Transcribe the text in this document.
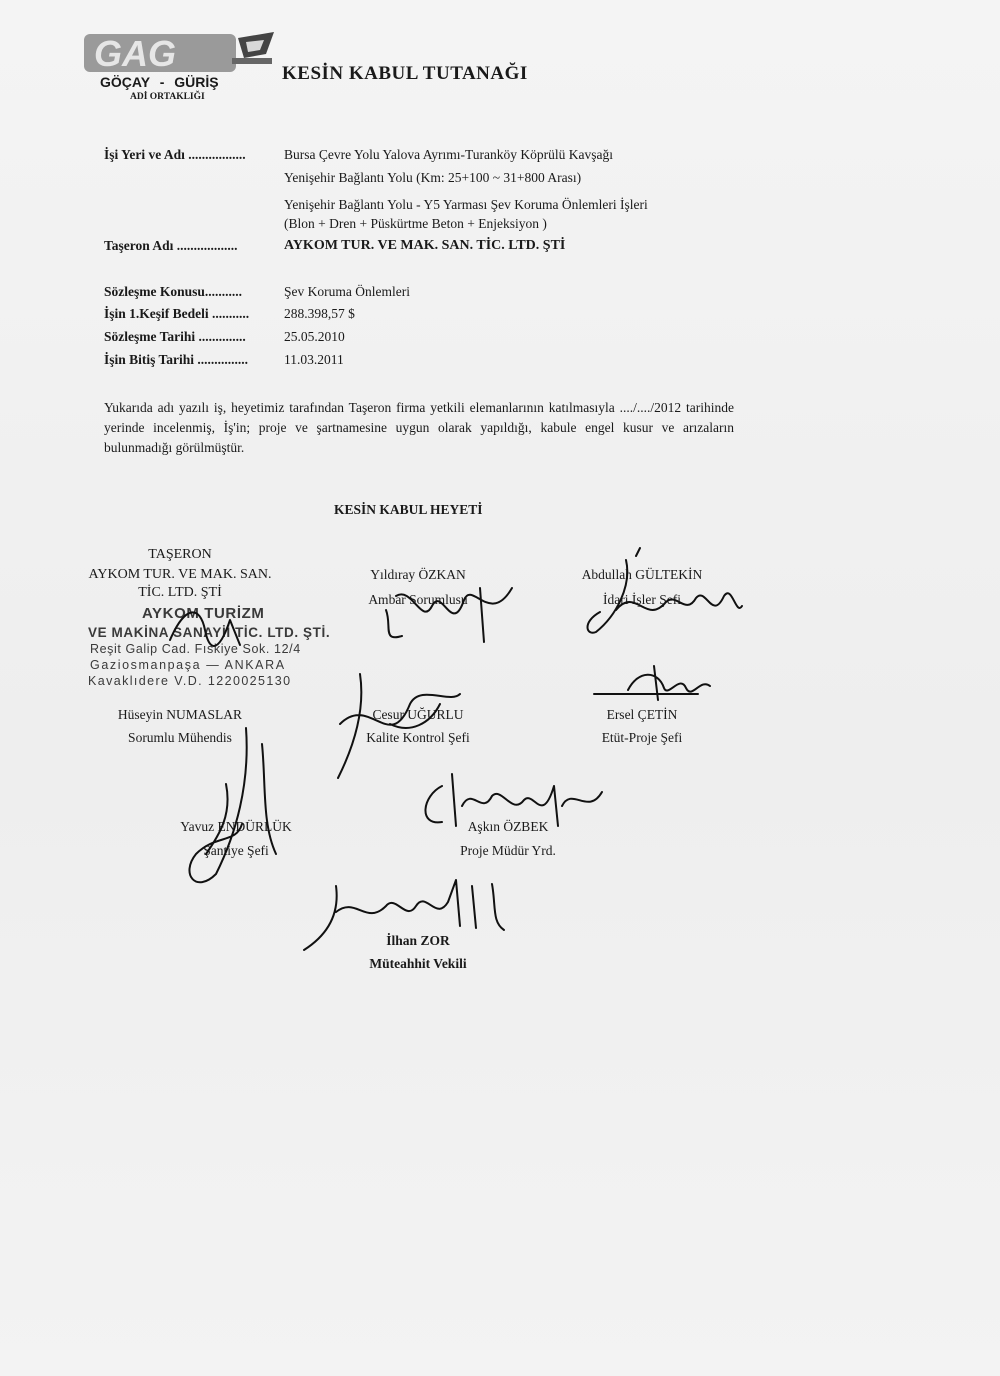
GAG
GÖÇAY - GÜRİŞ
ADİ ORTAKLIĞI
KESİN KABUL TUTANAĞI
İşi Yeri ve Adı .................	Bursa Çevre Yolu Yalova Ayrımı-Turanköy Köprülü Kavşağı
Yenişehir Bağlantı Yolu (Km: 25+100 ~ 31+800 Arası)
Yenişehir Bağlantı Yolu - Y5 Yarması Şev Koruma Önlemleri İşleri
(Blon + Dren + Püskürtme Beton + Enjeksiyon )
Taşeron Adı ..................	AYKOM TUR. VE MAK. SAN. TİC. LTD. ŞTİ
Sözleşme Konusu...........	Şev Koruma Önlemleri
İşin 1.Keşif Bedeli ...........	288.398,57 $
Sözleşme Tarihi ..............	25.05.2010
İşin Bitiş Tarihi ...............	11.03.2011
Yukarıda adı yazılı iş, heyetimiz tarafından Taşeron firma yetkili elemanlarının katılmasıyla ..../..../2012 tarihinde yerinde incelenmiş, İş'in; proje ve şartnamesine uygun olarak yapıldığı, kabule engel kusur ve arızaların bulunmadığı görülmüştür.
KESİN KABUL HEYETİ
TAŞERON
AYKOM TUR. VE MAK. SAN.
TİC. LTD. ŞTİ
AYKOM TURİZM
VE MAKİNA SANAYİİ TİC. LTD. ŞTİ.
Reşit Galip Cad. Fıskiye Sok. 12/4
Gaziosmanpaşa — ANKARA
Kavaklıdere V.D. 1220025130
Yıldıray ÖZKAN
Ambar Sorumlusu
Abdullah GÜLTEKİN
İdari İşler Şefi
Hüseyin NUMASLAR
Sorumlu Mühendis
Cesur UĞURLU
Kalite Kontrol Şefi
Ersel ÇETİN
Etüt-Proje Şefi
Yavuz ENDÜRLÜK
Şantiye Şefi
Aşkın ÖZBEK
Proje Müdür Yrd.
İlhan ZOR
Müteahhit Vekili
